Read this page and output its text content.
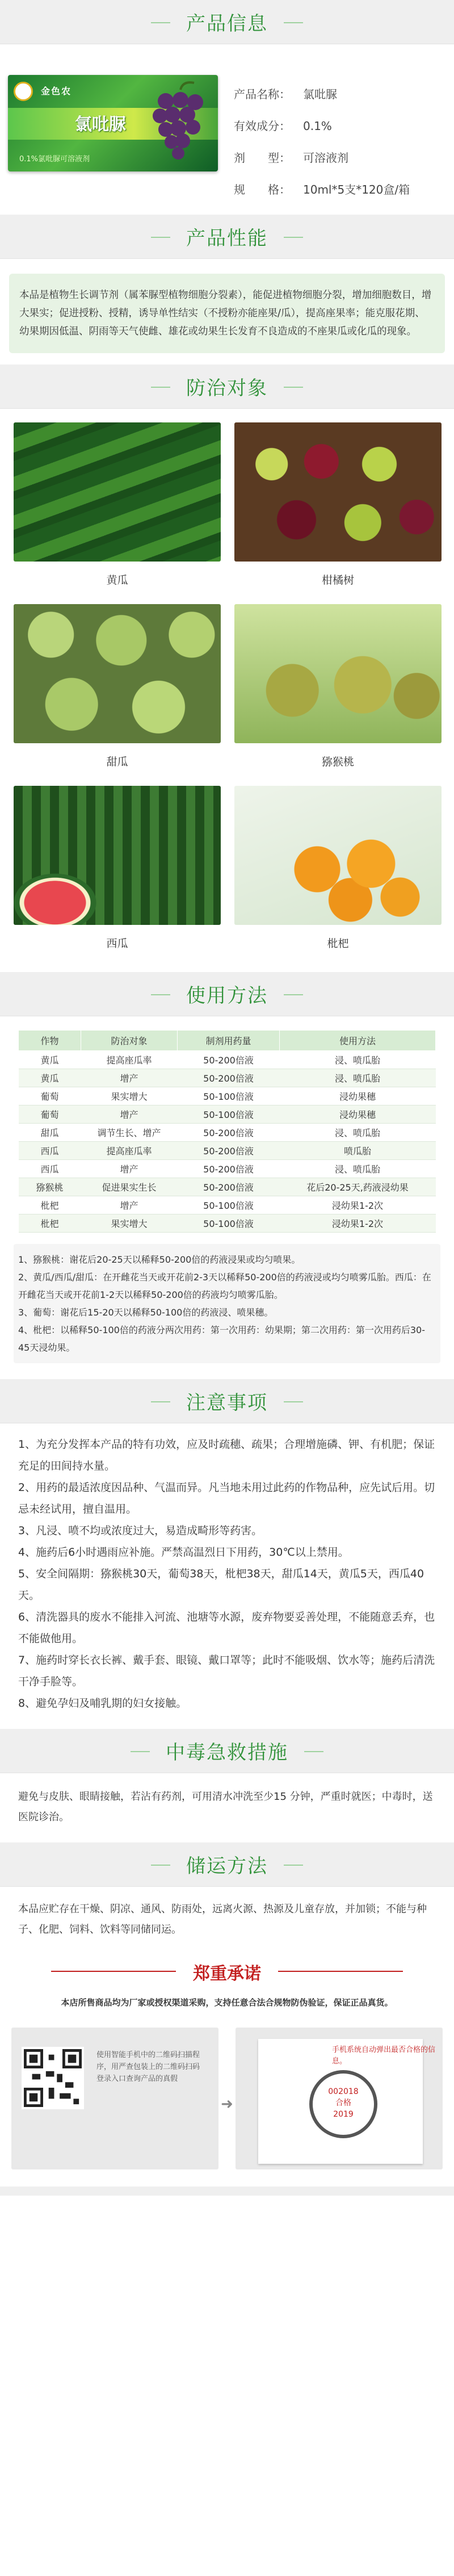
产品信息
金色农
氯吡脲
0.1%氯吡脲可溶液剂
产品名称：	氯吡脲
有效成分：	0.1%
剂　　型：	可溶液剂
规　　格：	10ml*5支*120盒/箱
产品性能
本品是植物生长调节剂（属苯脲型植物细胞分裂素），能促进植物细胞分裂，增加细胞数目，增大果实；促进授粉、授精，诱导单性结实（不授粉亦能座果/瓜），提高座果率；能克服花期、幼果期因低温、阴雨等天气使雌、雄花或幼果生长发育不良造成的不座果瓜或化瓜的现象。
防治对象
黄瓜	柑橘树
甜瓜	猕猴桃
西瓜	枇杷
使用方法
作物	防治对象	制剂用药量	使用方法
黄瓜	提高座瓜率	50-200倍液	浸、喷瓜胎
黄瓜	增产	50-200倍液	浸、喷瓜胎
葡萄	果实增大	50-100倍液	浸幼果穗
葡萄	增产	50-100倍液	浸幼果穗
甜瓜	调节生长、增产	50-200倍液	浸、喷瓜胎
西瓜	提高座瓜率	50-200倍液	喷瓜胎
西瓜	增产	50-200倍液	浸、喷瓜胎
猕猴桃	促进果实生长	50-200倍液	花后20-25天,药液浸幼果
枇杷	增产	50-100倍液	浸幼果1-2次
枇杷	果实增大	50-100倍液	浸幼果1-2次
1、猕猴桃：谢花后20-25天以稀释50-200倍的药液浸果或均匀喷果。
2、黄瓜/西瓜/甜瓜：在开雌花当天或开花前2-3天以稀释50-200倍的药液浸或均匀喷雾瓜胎。西瓜：在开雌花当天或开花前1-2天以稀释50-200倍的药液均匀喷雾瓜胎。
3、葡萄：谢花后15-20天以稀释50-100倍的药液浸、喷果穗。
4、枇杷：以稀释50-100倍的药液分两次用药：第一次用药：幼果期；第二次用药：第一次用药后30-45天浸幼果。
注意事项
1、为充分发挥本产品的特有功效，应及时疏穗、疏果；合理增施磷、钾、有机肥；保证充足的田间持水量。
2、用药的最适浓度因品种、气温而异。凡当地未用过此药的作物品种，应先试后用。切忌未经试用，擅自温用。
3、凡浸、喷不均或浓度过大，易造成畸形等药害。
4、施药后6小时遇雨应补施。严禁高温烈日下用药，30℃以上禁用。
5、安全间隔期：猕猴桃30天，葡萄38天，枇杷38天，甜瓜14天，黄瓜5天，西瓜40天。
6、清洗器具的废水不能排入河流、池塘等水源，废弃物要妥善处理，不能随意丢弃，也不能做他用。
7、施药时穿长衣长裤、戴手套、眼镜、戴口罩等；此时不能吸烟、饮水等；施药后清洗干净手脸等。
8、避免孕妇及哺乳期的妇女接触。
中毒急救措施
避免与皮肤、眼睛接触，若沾有药剂，可用清水冲洗至少15 分钟，严重时就医；中毒时，送医院诊治。
储运方法
本品应贮存在干燥、阴凉、通风、防雨处，远离火源、热源及儿童存放，并加锁；不能与种子、化肥、饲料、饮料等同储同运。
郑重承诺
本店所售商品均为厂家或授权渠道采购，支持任意合法合规物防伪验证，保证正品真货。
使用智能手机中的二维码扫描程序，用严查包装上的二维码扫码登录入口查询产品的真假
➜
手机系统自动弹出最否合格的信息。
002018
合格
2019
